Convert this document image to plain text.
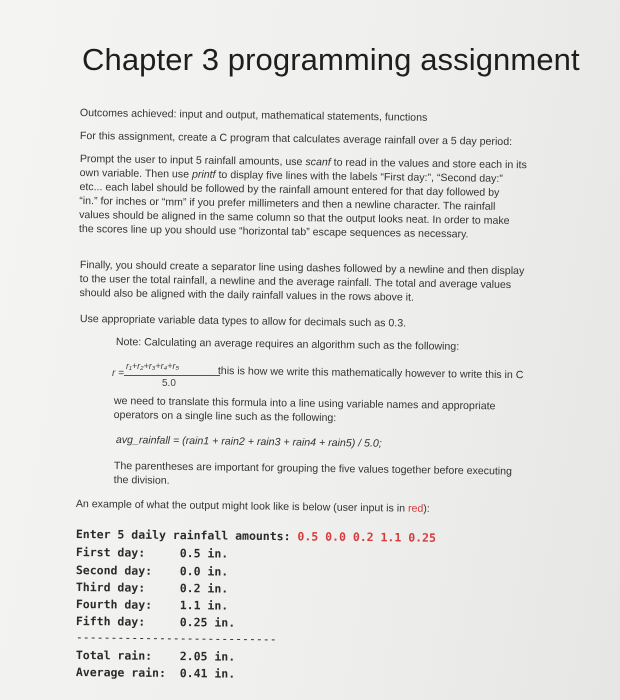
Chapter 3 programming assignment
Outcomes achieved: input and output, mathematical statements, functions
For this assignment, create a C program that calculates average rainfall over a 5 day period:
Prompt the user to input 5 rainfall amounts, use scanf to read in the values and store each in its
own variable. Then use printf to display five lines with the labels “First day:”, “Second day:”
etc... each label should be followed by the rainfall amount entered for that day followed by
“in.” for inches or “mm” if you prefer millimeters and then a newline character. The rainfall
values should be aligned in the same column so that the output looks neat. In order to make
the scores line up you should use “horizontal tab” escape sequences as necessary.
Finally, you should create a separator line using dashes followed by a newline and then display
to the user the total rainfall, a newline and the average rainfall. The total and average values
should also be aligned with the daily rainfall values in the rows above it.
Use appropriate variable data types to allow for decimals such as 0.3.
Note: Calculating an average requires an algorithm such as the following:
r₁+r₂+r₃+r₄+r₅
r =
5.0
this is how we write this mathematically however to write this in C
we need to translate this formula into a line using variable names and appropriate
operators on a single line such as the following:
avg_rainfall = (rain1 + rain2 + rain3 + rain4 + rain5) / 5.0;
The parentheses are important for grouping the five values together before executing
the division.
An example of what the output might look like is below (user input is in red):
Enter 5 daily rainfall amounts: 0.5 0.0 0.2 1.1 0.25
First day:     0.5 in.
Second day:    0.0 in.
Third day:     0.2 in.
Fourth day:    1.1 in.
Fifth day:     0.25 in.
-----------------------------
Total rain:    2.05 in.
Average rain:  0.41 in.
